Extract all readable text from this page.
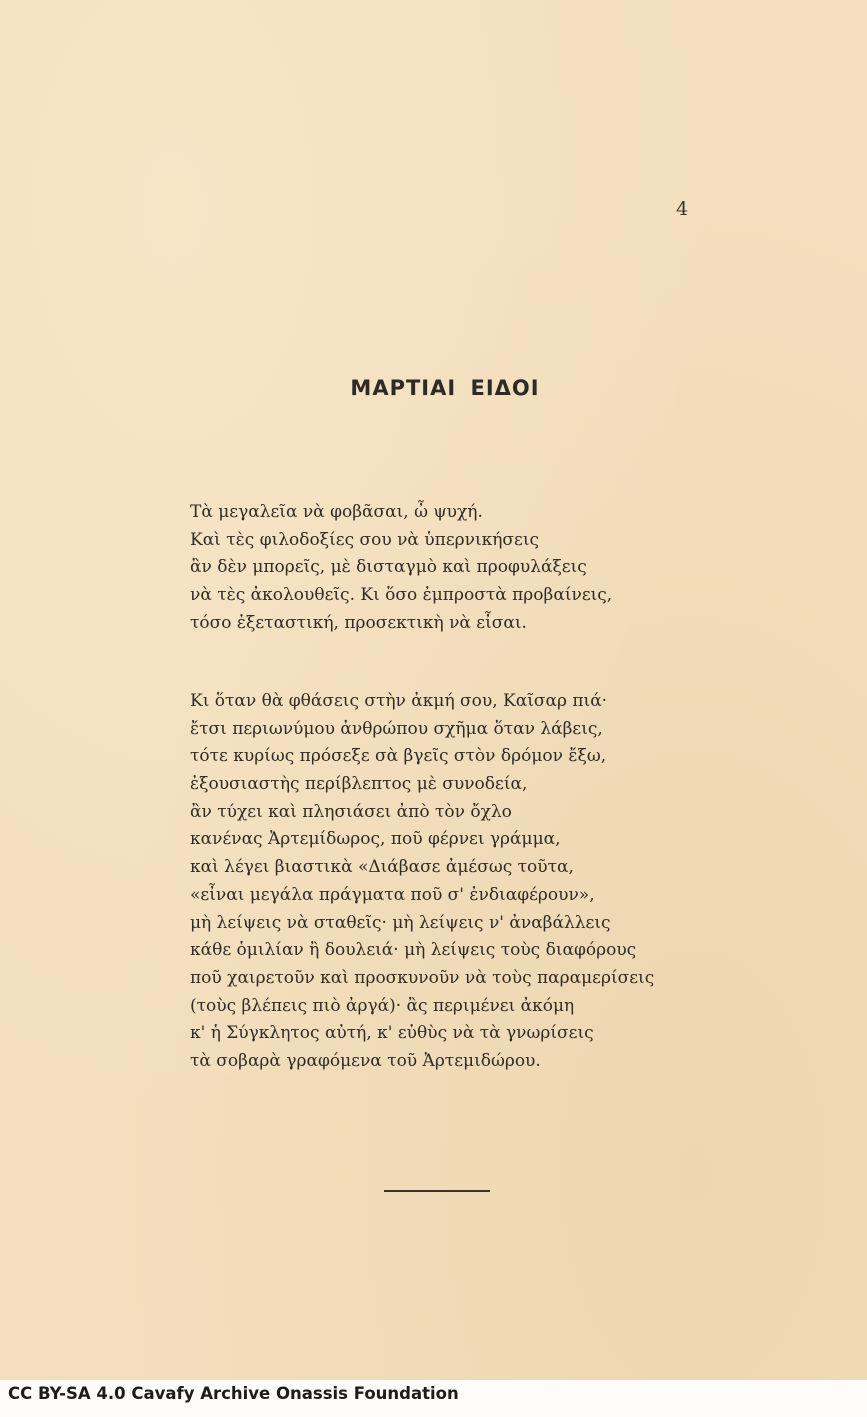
4
ΜΑΡΤΙΑΙ ΕΙΔΟΙ
Τὰ μεγαλεῖα νὰ φοβᾶσαι, ὦ ψυχή.
Καὶ τὲς φιλοδοξίες σου νὰ ὑπερνικήσεις
ἂν δὲν μπορεῖς, μὲ δισταγμὸ καὶ προφυλάξεις
νὰ τὲς ἀκολουθεῖς. Κι ὅσο ἐμπροστὰ προβαίνεις,
τόσο ἐξεταστική, προσεκτικὴ νὰ εἶσαι.
Κι ὅταν θὰ φθάσεις στὴν ἀκμή σου, Καῖσαρ πιά·
ἔτσι περιωνύμου ἀνθρώπου σχῆμα ὅταν λάβεις,
τότε κυρίως πρόσεξε σὰ βγεῖς στὸν δρόμον ἔξω,
ἐξουσιαστὴς περίβλεπτος μὲ συνοδεία,
ἂν τύχει καὶ πλησιάσει ἀπὸ τὸν ὄχλο
κανένας Ἀρτεμίδωρος, ποῦ φέρνει γράμμα,
καὶ λέγει βιαστικὰ «Διάβασε ἀμέσως τοῦτα,
«εἶναι μεγάλα πράγματα ποῦ σ' ἐνδιαφέρουν»,
μὴ λείψεις νὰ σταθεῖς· μὴ λείψεις ν' ἀναβάλλεις
κάθε ὁμιλίαν ἢ δουλειά· μὴ λείψεις τοὺς διαφόρους
ποῦ χαιρετοῦν καὶ προσκυνοῦν νὰ τοὺς παραμερίσεις
(τοὺς βλέπεις πιὸ ἀργά)· ἂς περιμένει ἀκόμη
κ' ἡ Σύγκλητος αὐτή, κ' εὐθὺς νὰ τὰ γνωρίσεις
τὰ σοβαρὰ γραφόμενα τοῦ Ἀρτεμιδώρου.
CC BY-SA 4.0 Cavafy Archive Onassis Foundation
